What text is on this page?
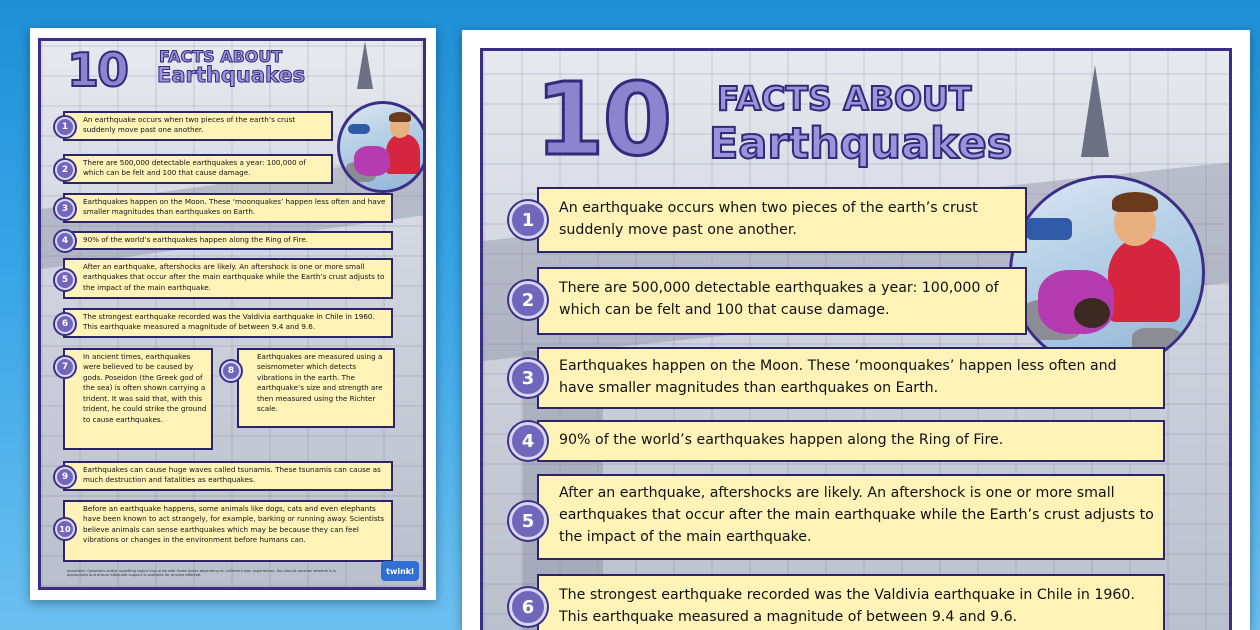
10 FACTS ABOUT
Earthquakes
An earthquake occurs when two pieces of the earth’s crust suddenly move past one another.
1
There are 500,000 detectable earthquakes a year: 100,000 of which can be felt and 100 that cause damage.
2
Earthquakes happen on the Moon. These ‘moonquakes’ happen less often and have smaller magnitudes than earthquakes on Earth.
3
90% of the world’s earthquakes happen along the Ring of Fire.
4
After an earthquake, aftershocks are likely. An aftershock is one or more small earthquakes that occur after the main earthquake while the Earth’s crust adjusts to the impact of the main earthquake.
5
The strongest earthquake recorded was the Valdivia earthquake in Chile in 1960. This earthquake measured a magnitude of between 9.4 and 9.6.
6
In ancient times, earthquakes were believed to be caused by gods. Poseidon (the Greek god of the sea) is often shown carrying a trident. It was said that, with this trident, he could strike the ground to cause earthquakes.
7
Earthquakes are measured using a seismometer which detects vibrations in the earth. The earthquake’s size and strength are then measured using the Richter scale.
8
Earthquakes can cause huge waves called tsunamis. These tsunamis can cause as much destruction and fatalities as earthquakes.
9
Before an earthquake happens, some animals like dogs, cats and even elephants have been known to act strangely, for example, barking or running away. Scientists believe animals can sense earthquakes which may be because they can feel vibrations or changes in the environment before humans can.
10
Important: Questions and/or upsetting topics may arise with these topics depending on children's own experiences. You should consider whether it is appropriate and ensure adequate support is available for anyone affected.	twinkl
10 FACTS ABOUT
Earthquakes
An earthquake occurs when two pieces of the earth’s crust suddenly move past one another.
1
There are 500,000 detectable earthquakes a year: 100,000 of which can be felt and 100 that cause damage.
2
Earthquakes happen on the Moon. These ‘moonquakes’ happen less often and have smaller magnitudes than earthquakes on Earth.
3
90% of the world’s earthquakes happen along the Ring of Fire.
4
After an earthquake, aftershocks are likely. An aftershock is one or more small earthquakes that occur after the main earthquake while the Earth’s crust adjusts to the impact of the main earthquake.
5
The strongest earthquake recorded was the Valdivia earthquake in Chile in 1960. This earthquake measured a magnitude of between 9.4 and 9.6.
6
